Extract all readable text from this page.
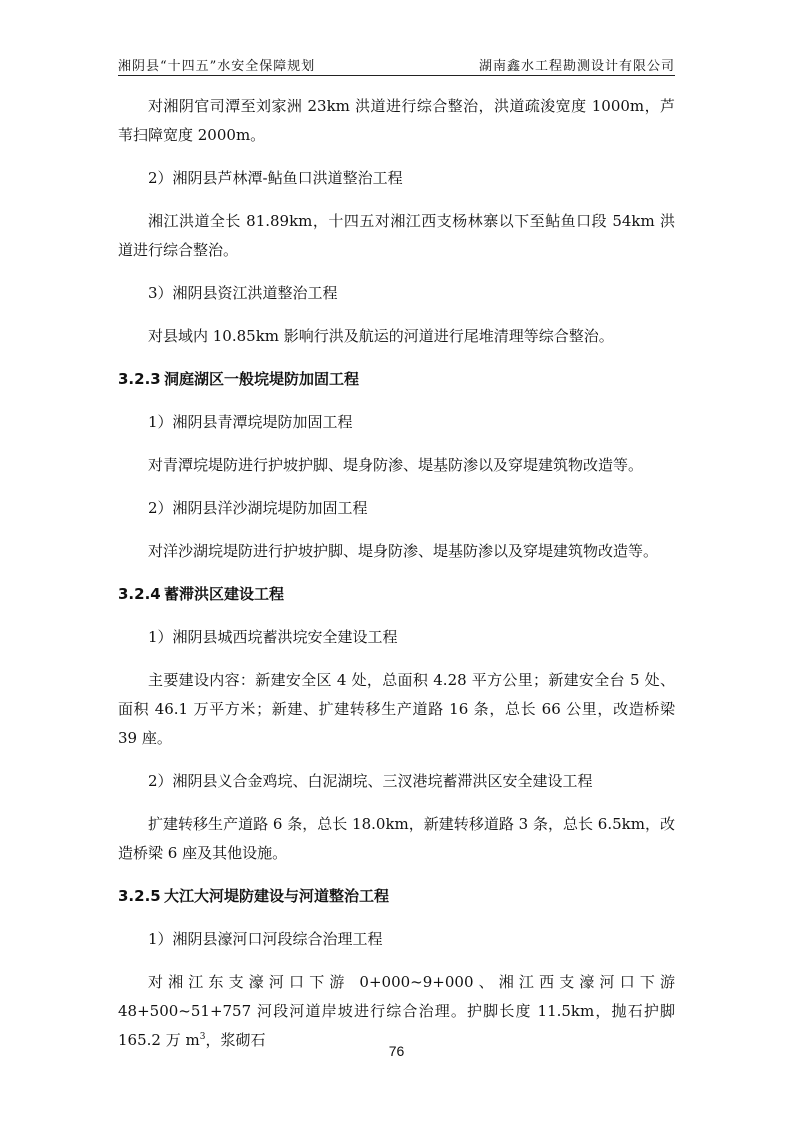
湘阴县“十四五”水安全保障规划	湖南鑫水工程勘测设计有限公司

对湘阴官司潭至刘家洲 23km 洪道进行综合整治，洪道疏浚宽度 1000m，芦苇扫障宽度 2000m。

2）湘阴县芦林潭-鲇鱼口洪道整治工程

湘江洪道全长 81.89km，十四五对湘江西支杨林寨以下至鲇鱼口段 54km 洪道进行综合整治。

3）湘阴县资江洪道整治工程

对县域内 10.85km 影响行洪及航运的河道进行尾堆清理等综合整治。

3.2.3 洞庭湖区一般垸堤防加固工程

1）湘阴县青潭垸堤防加固工程

对青潭垸堤防进行护坡护脚、堤身防渗、堤基防渗以及穿堤建筑物改造等。

2）湘阴县洋沙湖垸堤防加固工程

对洋沙湖垸堤防进行护坡护脚、堤身防渗、堤基防渗以及穿堤建筑物改造等。

3.2.4 蓄滞洪区建设工程

1）湘阴县城西垸蓄洪垸安全建设工程

主要建设内容：新建安全区 4 处，总面积 4.28 平方公里；新建安全台 5 处、面积 46.1 万平方米；新建、扩建转移生产道路 16 条，总长 66 公里，改造桥梁 39 座。

2）湘阴县义合金鸡垸、白泥湖垸、三汊港垸蓄滞洪区安全建设工程

扩建转移生产道路 6 条，总长 18.0km，新建转移道路 3 条，总长 6.5km，改造桥梁 6 座及其他设施。

3.2.5 大江大河堤防建设与河道整治工程

1）湘阴县濠河口河段综合治理工程

对湘江东支濠河口下游 0+000~9+000、湘江西支濠河口下游 48+500~51+757 河段河道岸坡进行综合治理。护脚长度 11.5km，抛石护脚 165.2 万 $m^3$，浆砌石

76
